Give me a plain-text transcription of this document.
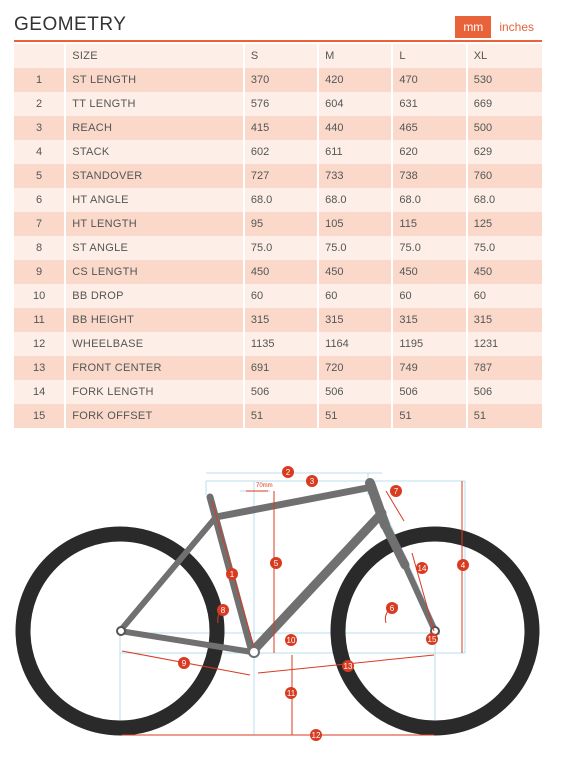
GEOMETRY	mm	inches
	SIZE	S	M	L	XL
1	ST LENGTH	370	420	470	530
2	TT LENGTH	576	604	631	669
3	REACH	415	440	465	500
4	STACK	602	611	620	629
5	STANDOVER	727	733	738	760
6	HT ANGLE	68.0	68.0	68.0	68.0
7	HT LENGTH	95	105	115	125
8	ST ANGLE	75.0	75.0	75.0	75.0
9	CS LENGTH	450	450	450	450
10	BB DROP	60	60	60	60
11	BB HEIGHT	315	315	315	315
12	WHEELBASE	1135	1164	1195	1231
13	FRONT CENTER	691	720	749	787
14	FORK LENGTH	506	506	506	506
15	FORK OFFSET	51	51	51	51
70mm
1
2
3
4
5
6
7
8
9
10
11
12
13
14
15
